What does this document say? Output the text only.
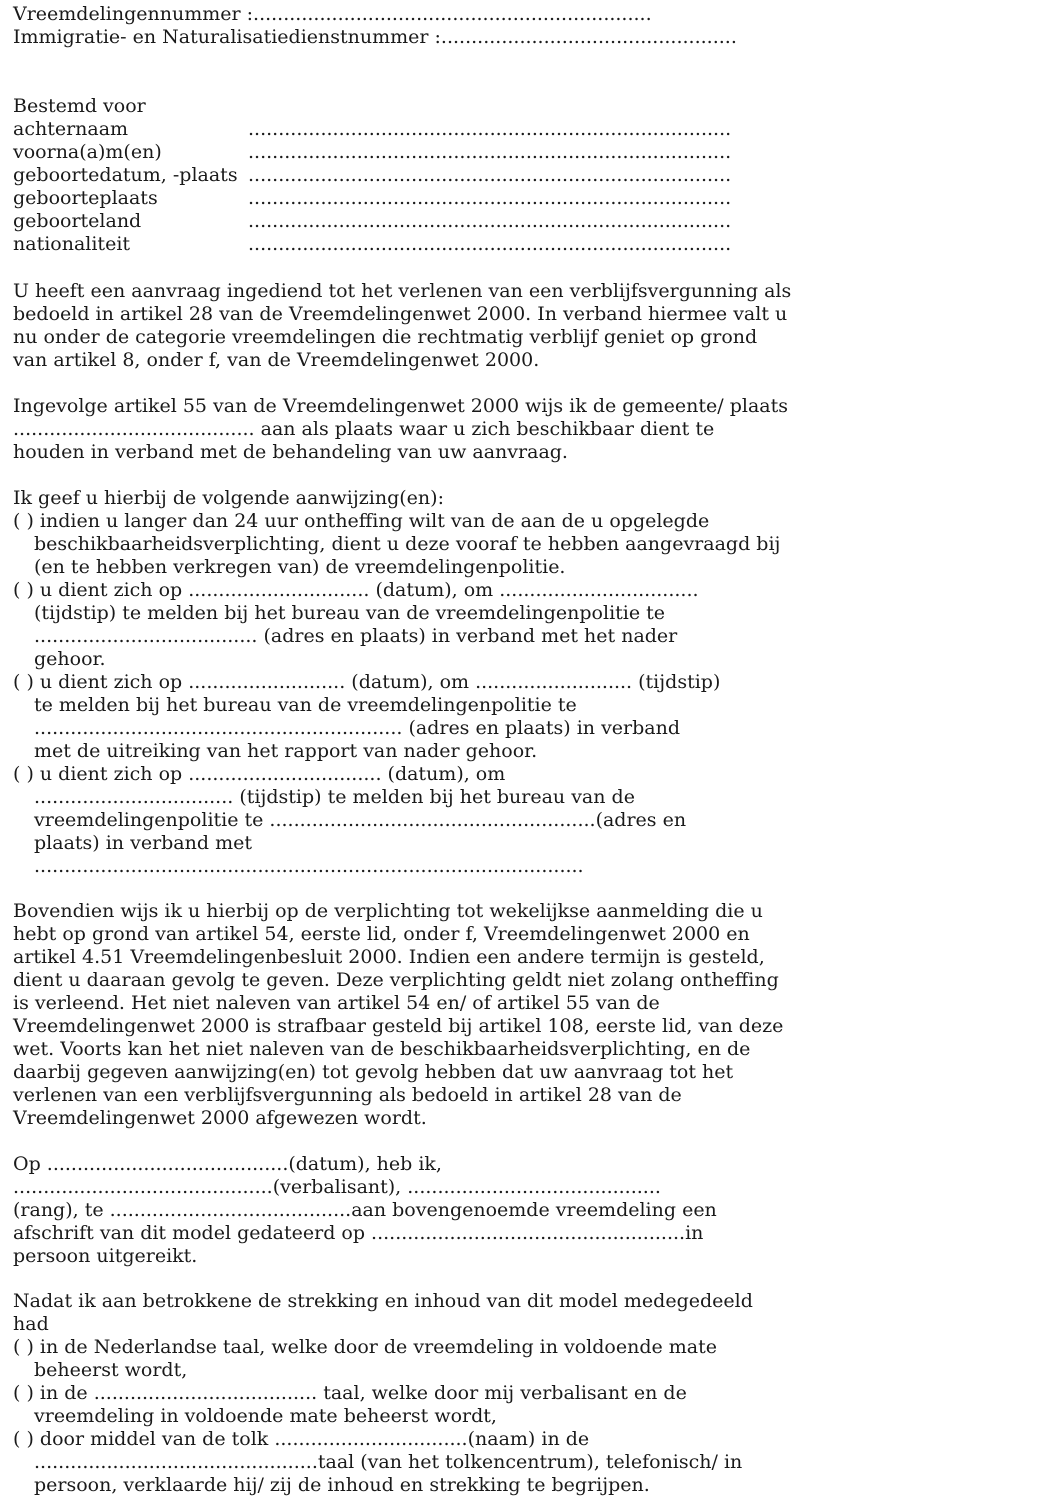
Vreemdelingennummer :..................................................................
Immigratie- en Naturalisatiedienstnummer :.................................................
Bestemd voor
achternaam	................................................................................
voorna(a)m(en)	................................................................................
geboortedatum, -plaats ................................................................................
geboorteplaats	................................................................................
geboorteland	................................................................................
nationaliteit	................................................................................
U heeft een aanvraag ingediend tot het verlenen van een verblijfsvergunning als
bedoeld in artikel 28 van de Vreemdelingenwet 2000. In verband hiermee valt u
nu onder de categorie vreemdelingen die rechtmatig verblijf geniet op grond
van artikel 8, onder f, van de Vreemdelingenwet 2000.
Ingevolge artikel 55 van de Vreemdelingenwet 2000 wijs ik de gemeente/ plaats
........................................ aan als plaats waar u zich beschikbaar dient te
houden in verband met de behandeling van uw aanvraag.
Ik geef u hierbij de volgende aanwijzing(en):
( ) indien u langer dan 24 uur ontheffing wilt van de aan de u opgelegde
beschikbaarheidsverplichting, dient u deze vooraf te hebben aangevraagd bij
(en te hebben verkregen van) de vreemdelingenpolitie.
( ) u dient zich op .............................. (datum), om .................................
(tijdstip) te melden bij het bureau van de vreemdelingenpolitie te
..................................... (adres en plaats) in verband met het nader
gehoor.
( ) u dient zich op .......................... (datum), om .......................... (tijdstip)
te melden bij het bureau van de vreemdelingenpolitie te
............................................................. (adres en plaats) in verband
met de uitreiking van het rapport van nader gehoor.
( ) u dient zich op ................................ (datum), om
................................. (tijdstip) te melden bij het bureau van de
vreemdelingenpolitie te ......................................................(adres en
plaats) in verband met
...........................................................................................
Bovendien wijs ik u hierbij op de verplichting tot wekelijkse aanmelding die u
hebt op grond van artikel 54, eerste lid, onder f, Vreemdelingenwet 2000 en
artikel 4.51 Vreemdelingenbesluit 2000. Indien een andere termijn is gesteld,
dient u daaraan gevolg te geven. Deze verplichting geldt niet zolang ontheffing
is verleend. Het niet naleven van artikel 54 en/ of artikel 55 van de
Vreemdelingenwet 2000 is strafbaar gesteld bij artikel 108, eerste lid, van deze
wet. Voorts kan het niet naleven van de beschikbaarheidsverplichting, en de
daarbij gegeven aanwijzing(en) tot gevolg hebben dat uw aanvraag tot het
verlenen van een verblijfsvergunning als bedoeld in artikel 28 van de
Vreemdelingenwet 2000 afgewezen wordt.
Op ........................................(datum), heb ik,
...........................................(verbalisant), ..........................................
(rang), te ........................................aan bovengenoemde vreemdeling een
afschrift van dit model gedateerd op ....................................................in
persoon uitgereikt.
Nadat ik aan betrokkene de strekking en inhoud van dit model medegedeeld
had
( ) in de Nederlandse taal, welke door de vreemdeling in voldoende mate
beheerst wordt,
( ) in de ..................................... taal, welke door mij verbalisant en de
vreemdeling in voldoende mate beheerst wordt,
( ) door middel van de tolk ................................(naam) in de
...............................................taal (van het tolkencentrum), telefonisch/ in
persoon, verklaarde hij/ zij de inhoud en strekking te begrijpen.
